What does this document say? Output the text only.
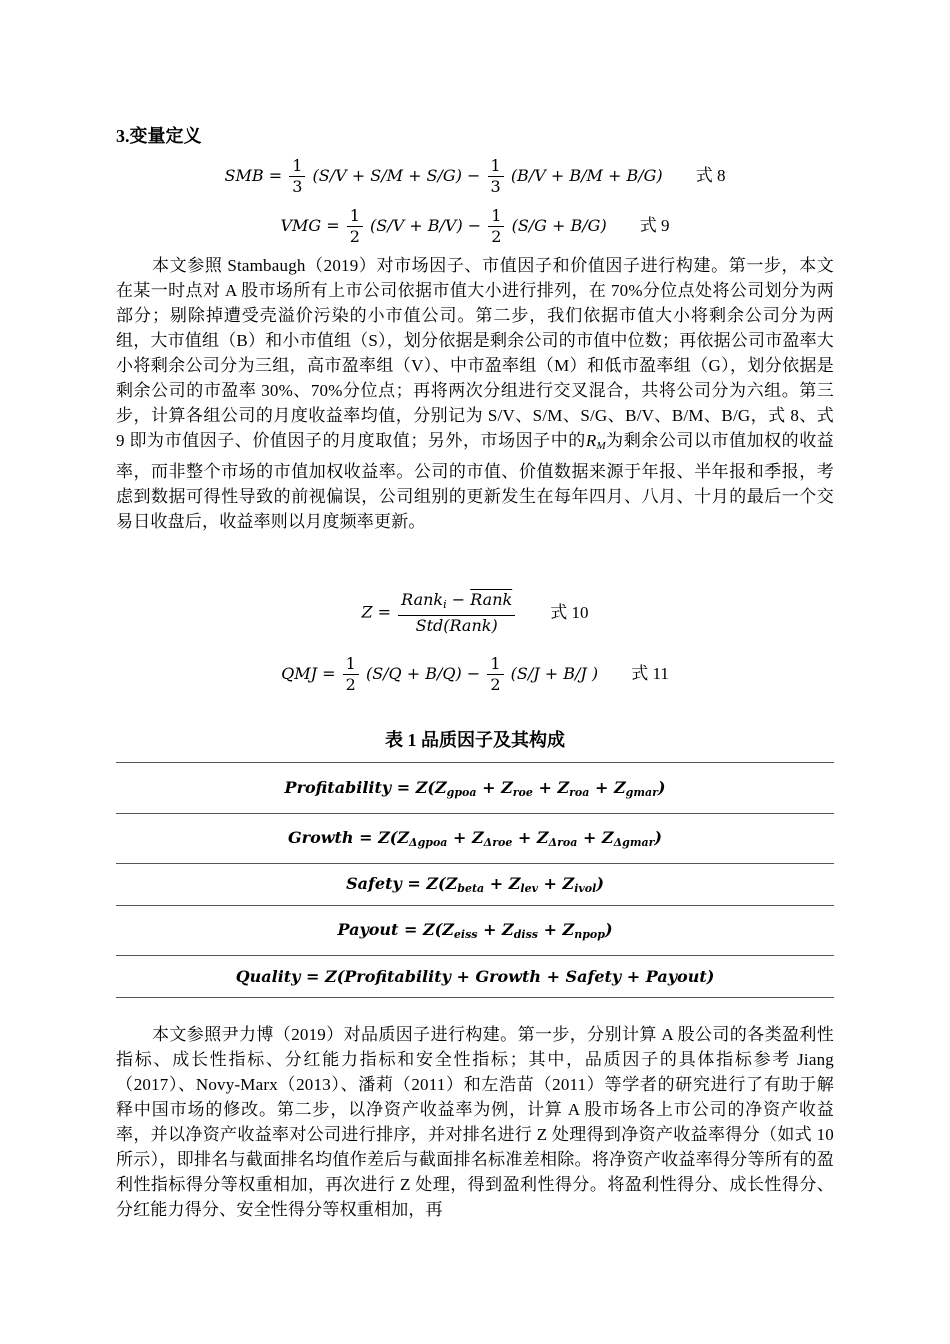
3.变量定义
SMB = $\frac{1}{3} (S/V + S/M + S/G) - \frac{1}{3} (B/V + B/M + B/G)$ 式 8
VMG = $\frac{1}{2} (S/V + B/V) - \frac{1}{2} (S/G + B/G)$ 式 9
本文参照 Stambaugh（2019）对市场因子、市值因子和价值因子进行构建。第一步，本文在某一时点对 A 股市场所有上市公司依据市值大小进行排列，在 70%分位点处将公司划分为两部分；剔除掉遭受壳溢价污染的小市值公司。第二步，我们依据市值大小将剩余公司分为两组，大市值组（B）和小市值组（S），划分依据是剩余公司的市值中位数；再依据公司市盈率大小将剩余公司分为三组，高市盈率组（V）、中市盈率组（M）和低市盈率组（G），划分依据是剩余公司的市盈率 30%、70%分位点；再将两次分组进行交叉混合，共将公司分为六组。第三步，计算各组公司的月度收益率均值，分别记为 S/V、S/M、S/G、B/V、B/M、B/G，式 8、式 9 即为市值因子、价值因子的月度取值；另外，市场因子中的$R_M$为剩余公司以市值加权的收益率，而非整个市场的市值加权收益率。公司的市值、价值数据来源于年报、半年报和季报，考虑到数据可得性导致的前视偏误，公司组别的更新发生在每年四月、八月、十月的最后一个交易日收盘后，收益率则以月度频率更新。
$Z = \frac{Rank_i - Rank}{\text{Std(Rank)}}$ 式 10
QMJ = $\frac{1}{2} (S/Q + B/Q) - \frac{1}{2} (S/J + B/J$ ) 式 11
表 1 品质因子及其构成
Profitability = $Z(Z_{gpoa} + Z_{roe} + Z_{roa} + Z_{gmar})$
Growth = $Z(Z_{\Delta gpoa} + Z_{\Delta roe} + Z_{\Delta roa} + Z_{\Delta gmar})$
Safety = $Z(Z_{beta} + Z_{lev} + Z_{ivol})$
Payout = $Z(Z_{eiss} + Z_{diss} + Z_{npop})$
Quality = Z(Profitability + Growth + Safety + Payout)
本文参照尹力博（2019）对品质因子进行构建。第一步，分别计算 A 股公司的各类盈利性指标、成长性指标、分红能力指标和安全性指标；其中，品质因子的具体指标参考 Jiang（2017）、Novy-Marx（2013）、潘莉（2011）和左浩苗（2011）等学者的研究进行了有助于解释中国市场的修改。第二步，以净资产收益率为例，计算 A 股市场各上市公司的净资产收益率，并以净资产收益率对公司进行排序，并对排名进行 Z 处理得到净资产收益率得分（如式 10 所示），即排名与截面排名均值作差后与截面排名标准差相除。将净资产收益率得分等所有的盈利性指标得分等权重相加，再次进行 Z 处理，得到盈利性得分。将盈利性得分、成长性得分、分红能力得分、安全性得分等权重相加，再
